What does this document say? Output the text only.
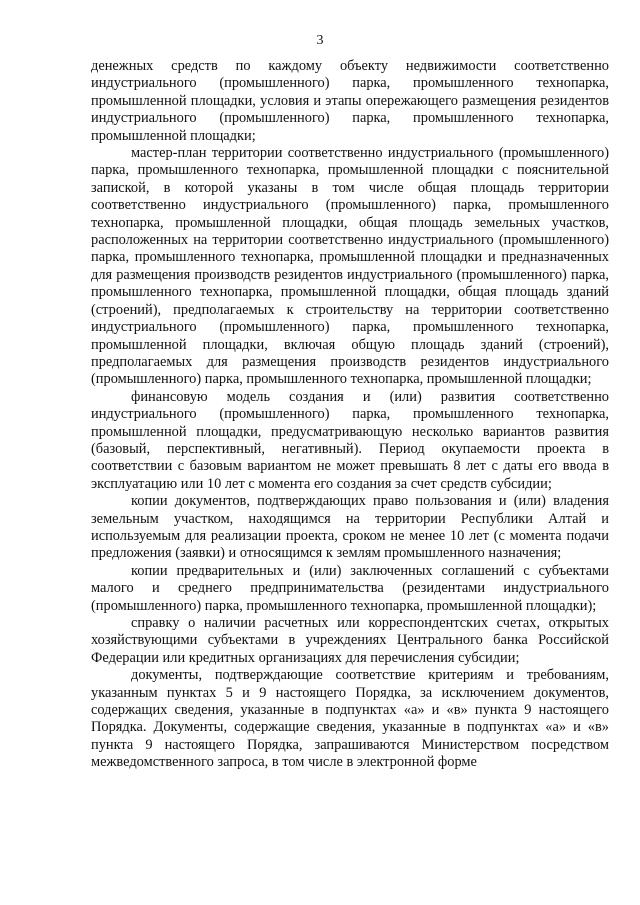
3

денежных средств по каждому объекту недвижимости соответственно индустриального (промышленного) парка, промышленного технопарка, промышленной площадки, условия и этапы опережающего размещения резидентов индустриального (промышленного) парка, промышленного технопарка, промышленной площадки;

мастер-план территории соответственно индустриального (промышленного) парка, промышленного технопарка, промышленной площадки с пояснительной запиской, в которой указаны в том числе общая площадь территории соответственно индустриального (промышленного) парка, промышленного технопарка, промышленной площадки, общая площадь земельных участков, расположенных на территории соответственно индустриального (промышленного) парка, промышленного технопарка, промышленной площадки и предназначенных для размещения производств резидентов индустриального (промышленного) парка, промышленного технопарка, промышленной площадки, общая площадь зданий (строений), предполагаемых к строительству на территории соответственно индустриального (промышленного) парка, промышленного технопарка, промышленной площадки, включая общую площадь зданий (строений), предполагаемых для размещения производств резидентов индустриального (промышленного) парка, промышленного технопарка, промышленной площадки;

финансовую модель создания и (или) развития соответственно индустриального (промышленного) парка, промышленного технопарка, промышленной площадки, предусматривающую несколько вариантов развития (базовый, перспективный, негативный). Период окупаемости проекта в соответствии с базовым вариантом не может превышать 8 лет с даты его ввода в эксплуатацию или 10 лет с момента его создания за счет средств субсидии;

копии документов, подтверждающих право пользования и (или) владения земельным участком, находящимся на территории Республики Алтай и используемым для реализации проекта, сроком не менее 10 лет (с момента подачи предложения (заявки) и относящимся к землям промышленного назначения;

копии предварительных и (или) заключенных соглашений с субъектами малого и среднего предпринимательства (резидентами индустриального (промышленного) парка, промышленного технопарка, промышленной площадки);

справку о наличии расчетных или корреспондентских счетах, открытых хозяйствующими субъектами в учреждениях Центрального банка Российской Федерации или кредитных организациях для перечисления субсидии;

документы, подтверждающие соответствие критериям и требованиям, указанным пунктах 5 и 9 настоящего Порядка, за исключением документов, содержащих сведения, указанные в подпунктах «а» и «в» пункта 9 настоящего Порядка. Документы, содержащие сведения, указанные в подпунктах «а» и «в» пункта 9 настоящего Порядка, запрашиваются Министерством посредством межведомственного запроса, в том числе в электронной форме
